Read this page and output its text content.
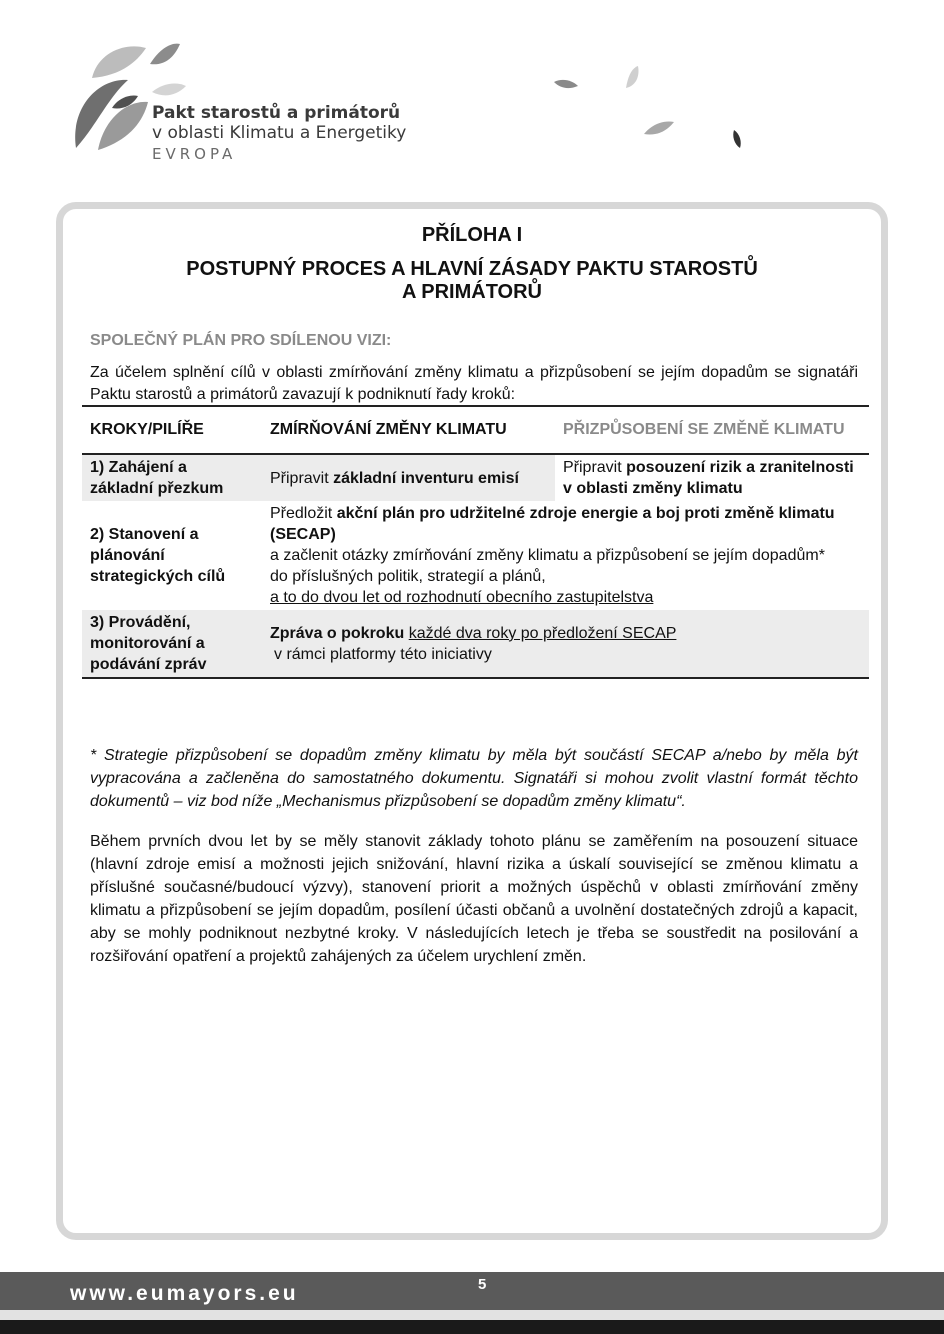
Pakt starostů a primátorů
v oblasti Klimatu a Energetiky
EVROPA
PŘÍLOHA I
POSTUPNÝ PROCES A HLAVNÍ ZÁSADY PAKTU STAROSTŮ
A PRIMÁTORŮ
SPOLEČNÝ PLÁN PRO SDÍLENOU VIZI:
Za účelem splnění cílů v oblasti zmírňování změny klimatu a přizpůsobení se jejím dopadům se signatáři Paktu starostů a primátorů zavazují k podniknutí řady kroků:
KROKY/PILÍŘE	ZMÍRŇOVÁNÍ ZMĚNY KLIMATU	PŘIZPŮSOBENÍ SE ZMĚNĚ KLIMATU
1) Zahájení a základní přezkum	Připravit základní inventuru emisí	Připravit posouzení rizik a zranitelnosti v oblasti změny klimatu
2) Stanovení a plánování strategických cílů	Předložit akční plán pro udržitelné zdroje energie a boj proti změně klimatu (SECAP)
a začlenit otázky zmírňování změny klimatu a přizpůsobení se jejím dopadům*
do příslušných politik, strategií a plánů,
a to do dvou let od rozhodnutí obecního zastupitelstva	

3) Provádění, monitorování a podávání zpráv	Zpráva o pokroku každé dva roky po předložení SECAP
v rámci platformy této iniciativy	
* Strategie přizpůsobení se dopadům změny klimatu by měla být součástí SECAP a/nebo by měla být vypracována a začleněna do samostatného dokumentu. Signatáři si mohou zvolit vlastní formát těchto dokumentů – viz bod níže „Mechanismus přizpůsobení se dopadům změny klimatu“.
Během prvních dvou let by se měly stanovit základy tohoto plánu se zaměřením na posouzení situace (hlavní zdroje emisí a možnosti jejich snižování, hlavní rizika a úskalí související se změnou klimatu a příslušné současné/budoucí výzvy), stanovení priorit a možných úspěchů v oblasti zmírňování změny klimatu a přizpůsobení se jejím dopadům, posílení účasti občanů a uvolnění dostatečných zdrojů a kapacit, aby se mohly podniknout nezbytné kroky. V následujících letech je třeba se soustředit na posilování a rozšiřování opatření a projektů zahájených za účelem urychlení změn.
www.eumayors.eu	5
